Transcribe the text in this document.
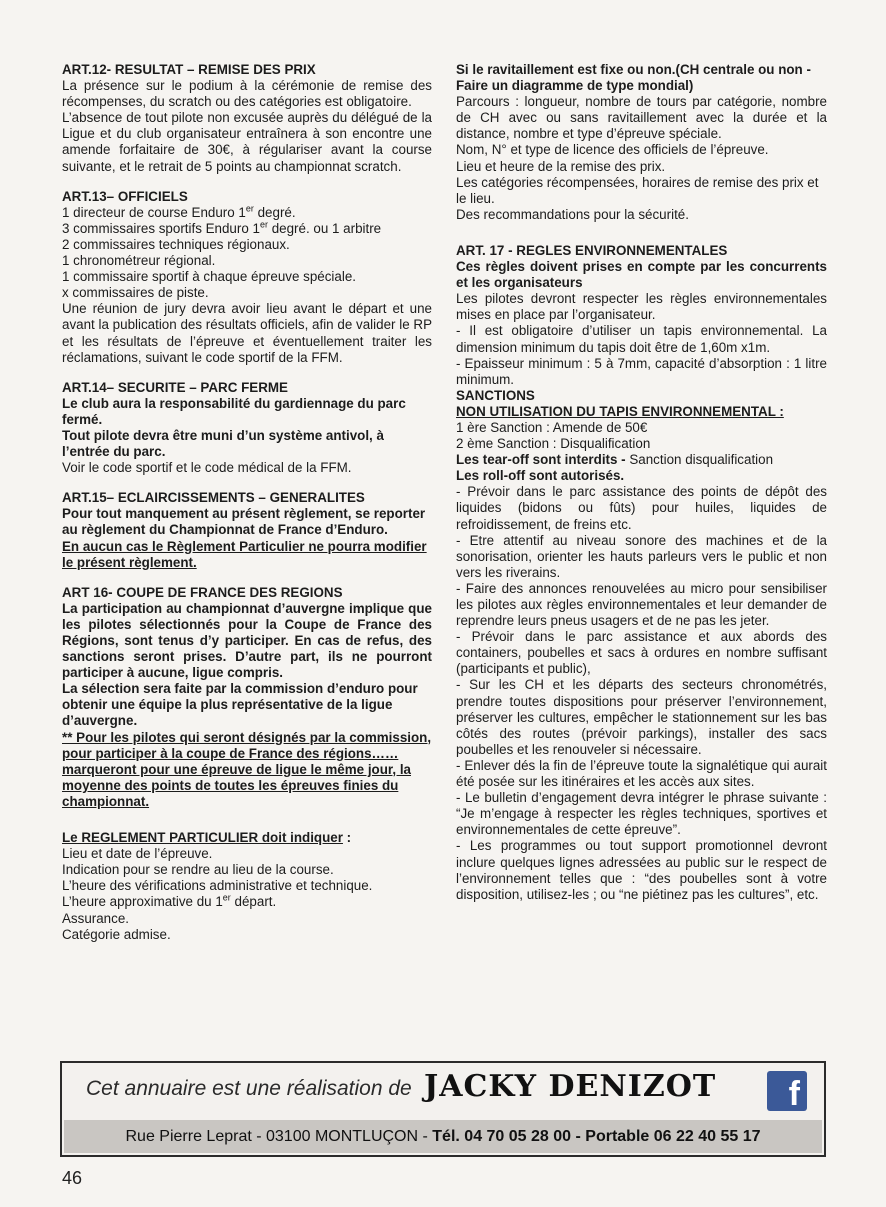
ART.12- RESULTAT – REMISE DES PRIX

La présence sur le podium à la cérémonie de remise des récompenses, du scratch ou des catégories est obligatoire.

L’absence de tout pilote non excusée auprès du délégué de la Ligue et du club organisateur entraînera à son encontre une amende forfaitaire de 30€, à régulariser avant la course suivante, et le retrait de 5 points au championnat scratch.

ART.13– OFFICIELS

1 directeur de course Enduro 1er degré.

3 commissaires sportifs Enduro 1er degré. ou 1 arbitre

2 commissaires techniques régionaux.

1 chronométreur régional.

1 commissaire sportif à chaque épreuve spéciale.

x commissaires de piste.

Une réunion de jury devra avoir lieu avant le départ et une avant la publication des résultats officiels, afin de valider le RP et les résultats de l’épreuve et éventuellement traiter les réclamations, suivant le code sportif de la FFM.

ART.14– SECURITE – PARC FERME

Le club aura la responsabilité du gardiennage du parc fermé.

Tout pilote devra être muni d’un système antivol, à l’entrée du parc.

Voir le code sportif et le code médical de la FFM.

ART.15– ECLAIRCISSEMENTS – GENERALITES

Pour tout manquement au présent règlement, se reporter au règlement du Championnat de France d’Enduro.

En aucun cas le Règlement Particulier ne pourra modifier le présent règlement.

ART 16- COUPE DE FRANCE DES REGIONS

La participation au championnat d’auvergne implique que les pilotes sélectionnés pour la Coupe de France des Régions, sont tenus d’y participer. En cas de refus, des sanctions seront prises. D’autre part, ils ne pourront participer à aucune, ligue compris.

La sélection sera faite par la commission d’enduro pour obtenir une équipe la plus représentative de la ligue d’auvergne.

** Pour les pilotes qui seront désignés par la commission, pour participer à la coupe de France des régions…… marqueront pour une épreuve de ligue le même jour, la moyenne des points de toutes les épreuves finies du championnat.

Le REGLEMENT PARTICULIER doit indiquer :

Lieu et date de l’épreuve.

Indication pour se rendre au lieu de la course.

L’heure des vérifications administrative et technique.

L’heure approximative du 1er départ.

Assurance.

Catégorie admise.

Si le ravitaillement est fixe ou non.(CH centrale ou non - Faire un diagramme de type mondial)

Parcours : longueur, nombre de tours par catégorie, nombre de CH avec ou sans ravitaillement avec la durée et la distance, nombre et type d’épreuve spéciale.

Nom, N° et type de licence des officiels de l’épreuve.

Lieu et heure de la remise des prix.

Les catégories récompensées, horaires de remise des prix et le lieu.

Des recommandations pour la sécurité.

ART. 17 - REGLES ENVIRONNEMENTALES

Ces règles doivent prises en compte par les concurrents et les organisateurs

Les pilotes devront respecter les règles environnementales mises en place par l’organisateur.

- Il est obligatoire d’utiliser un tapis environnemental. La dimension minimum du tapis doit être de 1,60m x1m.

- Epaisseur minimum : 5 à 7mm, capacité d’absorption : 1 litre minimum.

SANCTIONS

NON UTILISATION DU TAPIS ENVIRONNEMENTAL :

1 ère Sanction : Amende de 50€

2 ème Sanction : Disqualification

Les tear-off sont interdits - Sanction disqualification

Les roll-off sont autorisés.

- Prévoir dans le parc assistance des points de dépôt des liquides (bidons ou fûts) pour huiles, liquides de refroidissement, de freins etc.

- Etre attentif au niveau sonore des machines et de la sonorisation, orienter les hauts parleurs vers le public et non vers les riverains.

- Faire des annonces renouvelées au micro pour sensibiliser les pilotes aux règles environnementales et leur demander de reprendre leurs pneus usagers et de ne pas les jeter.

- Prévoir dans le parc assistance et aux abords des containers, poubelles et sacs à ordures en nombre suffisant (participants et public),

- Sur les CH et les départs des secteurs chronométrés, prendre toutes dispositions pour préserver l’environnement, préserver les cultures, empêcher le stationnement sur les bas côtés des routes (prévoir parkings), installer des sacs poubelles et les renouveler si nécessaire.

- Enlever dés la fin de l’épreuve toute la signalétique qui aurait été posée sur les itinéraires et les accès aux sites.

- Le bulletin d’engagement devra intégrer le phrase suivante : “Je m’engage à respecter les règles techniques, sportives et environnementales de cette épreuve”.

- Les programmes ou tout support promotionnel devront inclure quelques lignes adressées au public sur le respect de l’environnement telles que : “des poubelles sont à votre disposition, utilisez-les ; ou “ne piétinez pas les cultures”, etc.

Cet annuaire est une réalisation de JACKY DENIZOT	f
Rue Pierre Leprat - 03100 MONTLUÇON - Tél. 04 70 05 28 00 - Portable 06 22 40 55 17
46
